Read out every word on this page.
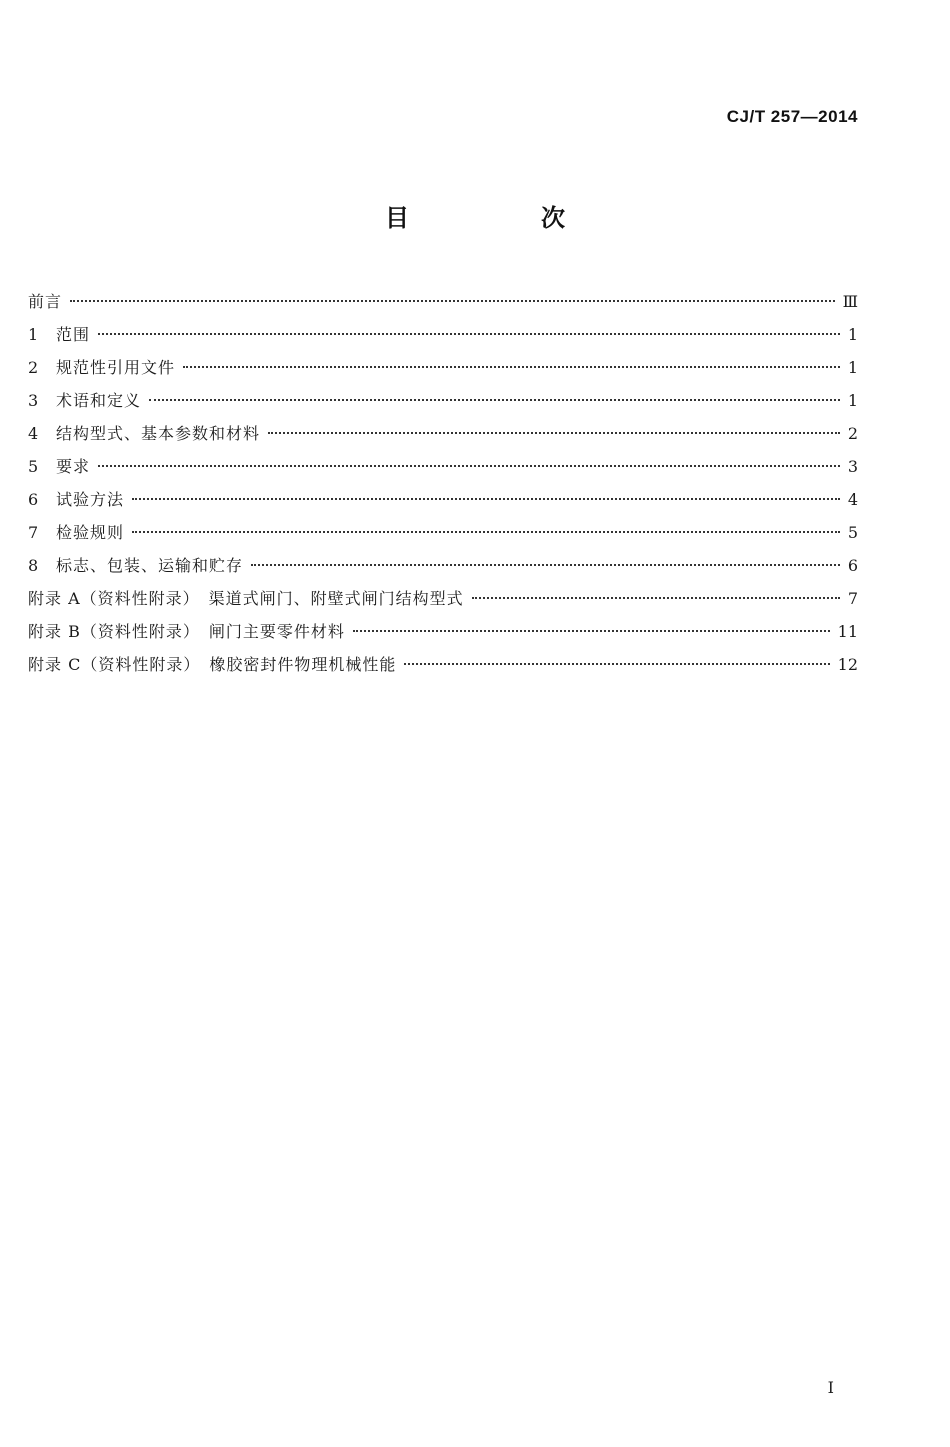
CJ/T 257—2014
目　次
前言	Ⅲ
1 范围	1
2 规范性引用文件	1
3 术语和定义	1
4 结构型式、基本参数和材料	2
5 要求	3
6 试验方法	4
7 检验规则	5
8 标志、包装、运输和贮存	6
附录 A（资料性附录）　渠道式闸门、附壁式闸门结构型式	7
附录 B（资料性附录）　闸门主要零件材料	11
附录 C（资料性附录）　橡胶密封件物理机械性能	12
I
